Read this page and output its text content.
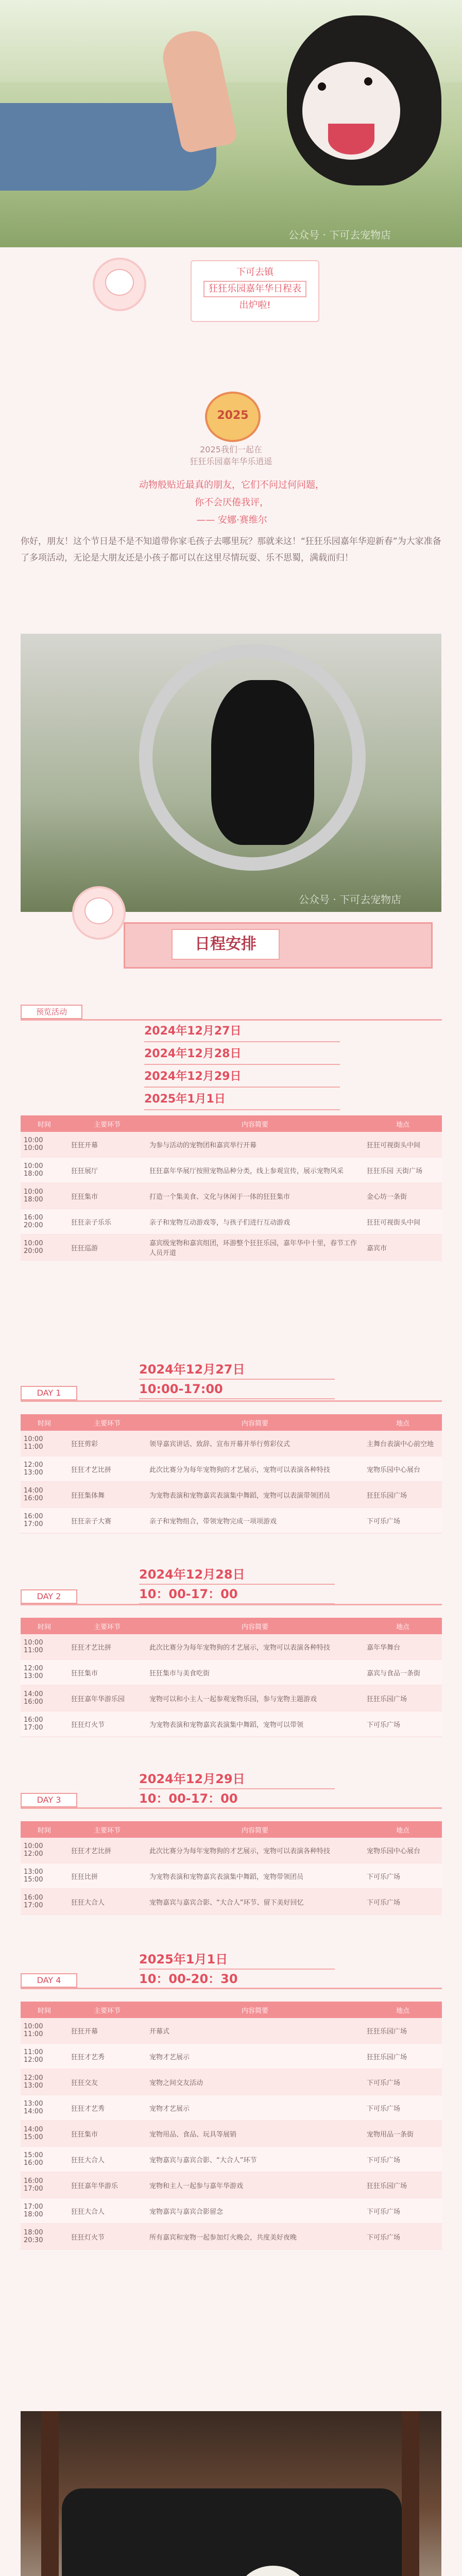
公众号 · 下可去宠物店
下可去镇
狂狂乐园嘉年华日程表
出炉啦!
2025
2025我们一起在
狂狂乐园嘉年华乐逍遥
动物般贴近最真的朋友，它们不问过何问题，
你不会厌倦我评，
—— 安娜·赛维尔
你好，朋友！这个节日是不是不知道带你家毛孩子去哪里玩？那就来这！“狂狂乐园嘉年华迎新春”为大家准备了多项活动，无论是大朋友还是小孩子都可以在这里尽情玩耍、乐不思蜀，满载而归！
公众号 · 下可去宠物店
日程安排
预览活动
2024年12月27日
2024年12月28日
2024年12月29日
2025年1月1日
时间	主要环节	内容简要	地点
10:00
10:00	狂狂开幕	为参与活动的宠物团和嘉宾举行开幕	狂狂可视街头中间
10:00
18:00	狂狂展厅	狂狂嘉年华展厅按照宠物品种分类，线上参观宣传，展示宠物风采	狂狂乐园 天街广场
10:00
18:00	狂狂集市	打造一个集美食、文化与休闲于一体的狂狂集市	金心坊一条街
16:00
20:00	狂狂亲子乐乐	亲子和宠物互动游戏等，与孩子们进行互动游戏	狂狂可视街头中间
10:00
20:00	狂狂巡游	嘉宾级宠物和嘉宾组团，环游整个狂狂乐园，嘉年华中十里，春节工作人员开道	嘉宾市
DAY 1
2024年12月27日
10:00-17:00
时间	主要环节	内容简要	地点
10:00
11:00	狂狂剪彩	领导嘉宾讲话、致辞、宣布开幕并举行剪彩仪式	主舞台表演中心前空地
12:00
13:00	狂狂才艺比拼	此次比赛分为每年宠物狗的才艺展示，宠物可以表演各种特技	宠物乐园中心展台
14:00
16:00	狂狂集体舞	为宠物表演和宠物嘉宾表演集中舞蹈，宠物可以表演带领团员	狂狂乐园广场
16:00
17:00	狂狂亲子大赛	亲子和宠物组合，带领宠物完成一项项游戏	下可乐广场
DAY 2
2024年12月28日
10：00-17：00
时间	主要环节	内容简要	地点
10:00
11:00	狂狂才艺比拼	此次比赛分为每年宠物狗的才艺展示，宠物可以表演各种特技	嘉年华舞台
12:00
13:00	狂狂集市	狂狂集市与美食吃街	嘉宾与食品一条街
14:00
16:00	狂狂嘉年华游乐园	宠物可以和小主人一起参观宠物乐园，参与宠物主题游戏	狂狂乐园广场
16:00
17:00	狂狂灯火节	为宠物表演和宠物嘉宾表演集中舞蹈，宠物可以带领	下可乐广场
DAY 3
2024年12月29日
10：00-17：00
时间	主要环节	内容简要	地点
10:00
12:00	狂狂才艺比拼	此次比赛分为每年宠物狗的才艺展示，宠物可以表演各种特技	宠物乐园中心展台
13:00
15:00	狂狂比拼	为宠物表演和宠物嘉宾表演集中舞蹈，宠物带领团员	下可乐广场
16:00
17:00	狂狂大合人	宠物嘉宾与嘉宾合影、“大合人”环节、留下美好回忆	下可乐广场
DAY 4
2025年1月1日
10：00-20：30
时间	主要环节	内容简要	地点
10:00
11:00	狂狂开幕	开幕式	狂狂乐园广场
11:00
12:00	狂狂才艺秀	宠物才艺展示	狂狂乐园广场
12:00
13:00	狂狂交友	宠物之间交友活动	下可乐广场
13:00
14:00	狂狂才艺秀	宠物才艺展示	下可乐广场
14:00
15:00	狂狂集市	宠物用品、食品、玩具等展销	宠物用品一条街
15:00
16:00	狂狂大合人	宠物嘉宾与嘉宾合影、“大合人”环节	下可乐广场
16:00
17:00	狂狂嘉年华游乐	宠物和主人一起参与嘉年华游戏	狂狂乐园广场
17:00
18:00	狂狂大合人	宠物嘉宾与嘉宾合影留念	下可乐广场
18:00
20:30	狂狂灯火节	所有嘉宾和宠物一起参加灯火晚会，共度美好夜晚	下可乐广场
